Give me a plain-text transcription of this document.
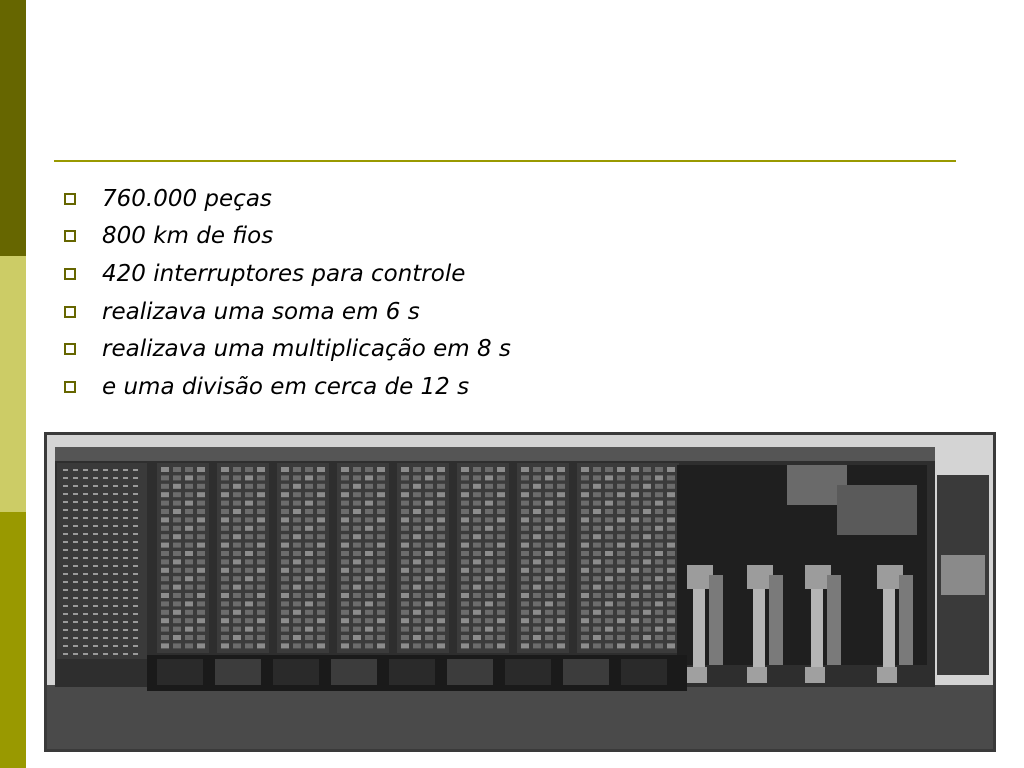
760.000 peças
800 km de fios
420 interruptores para controle
realizava uma soma em 6 s
realizava uma multiplicação em 8 s
e uma divisão em cerca de 12 s
